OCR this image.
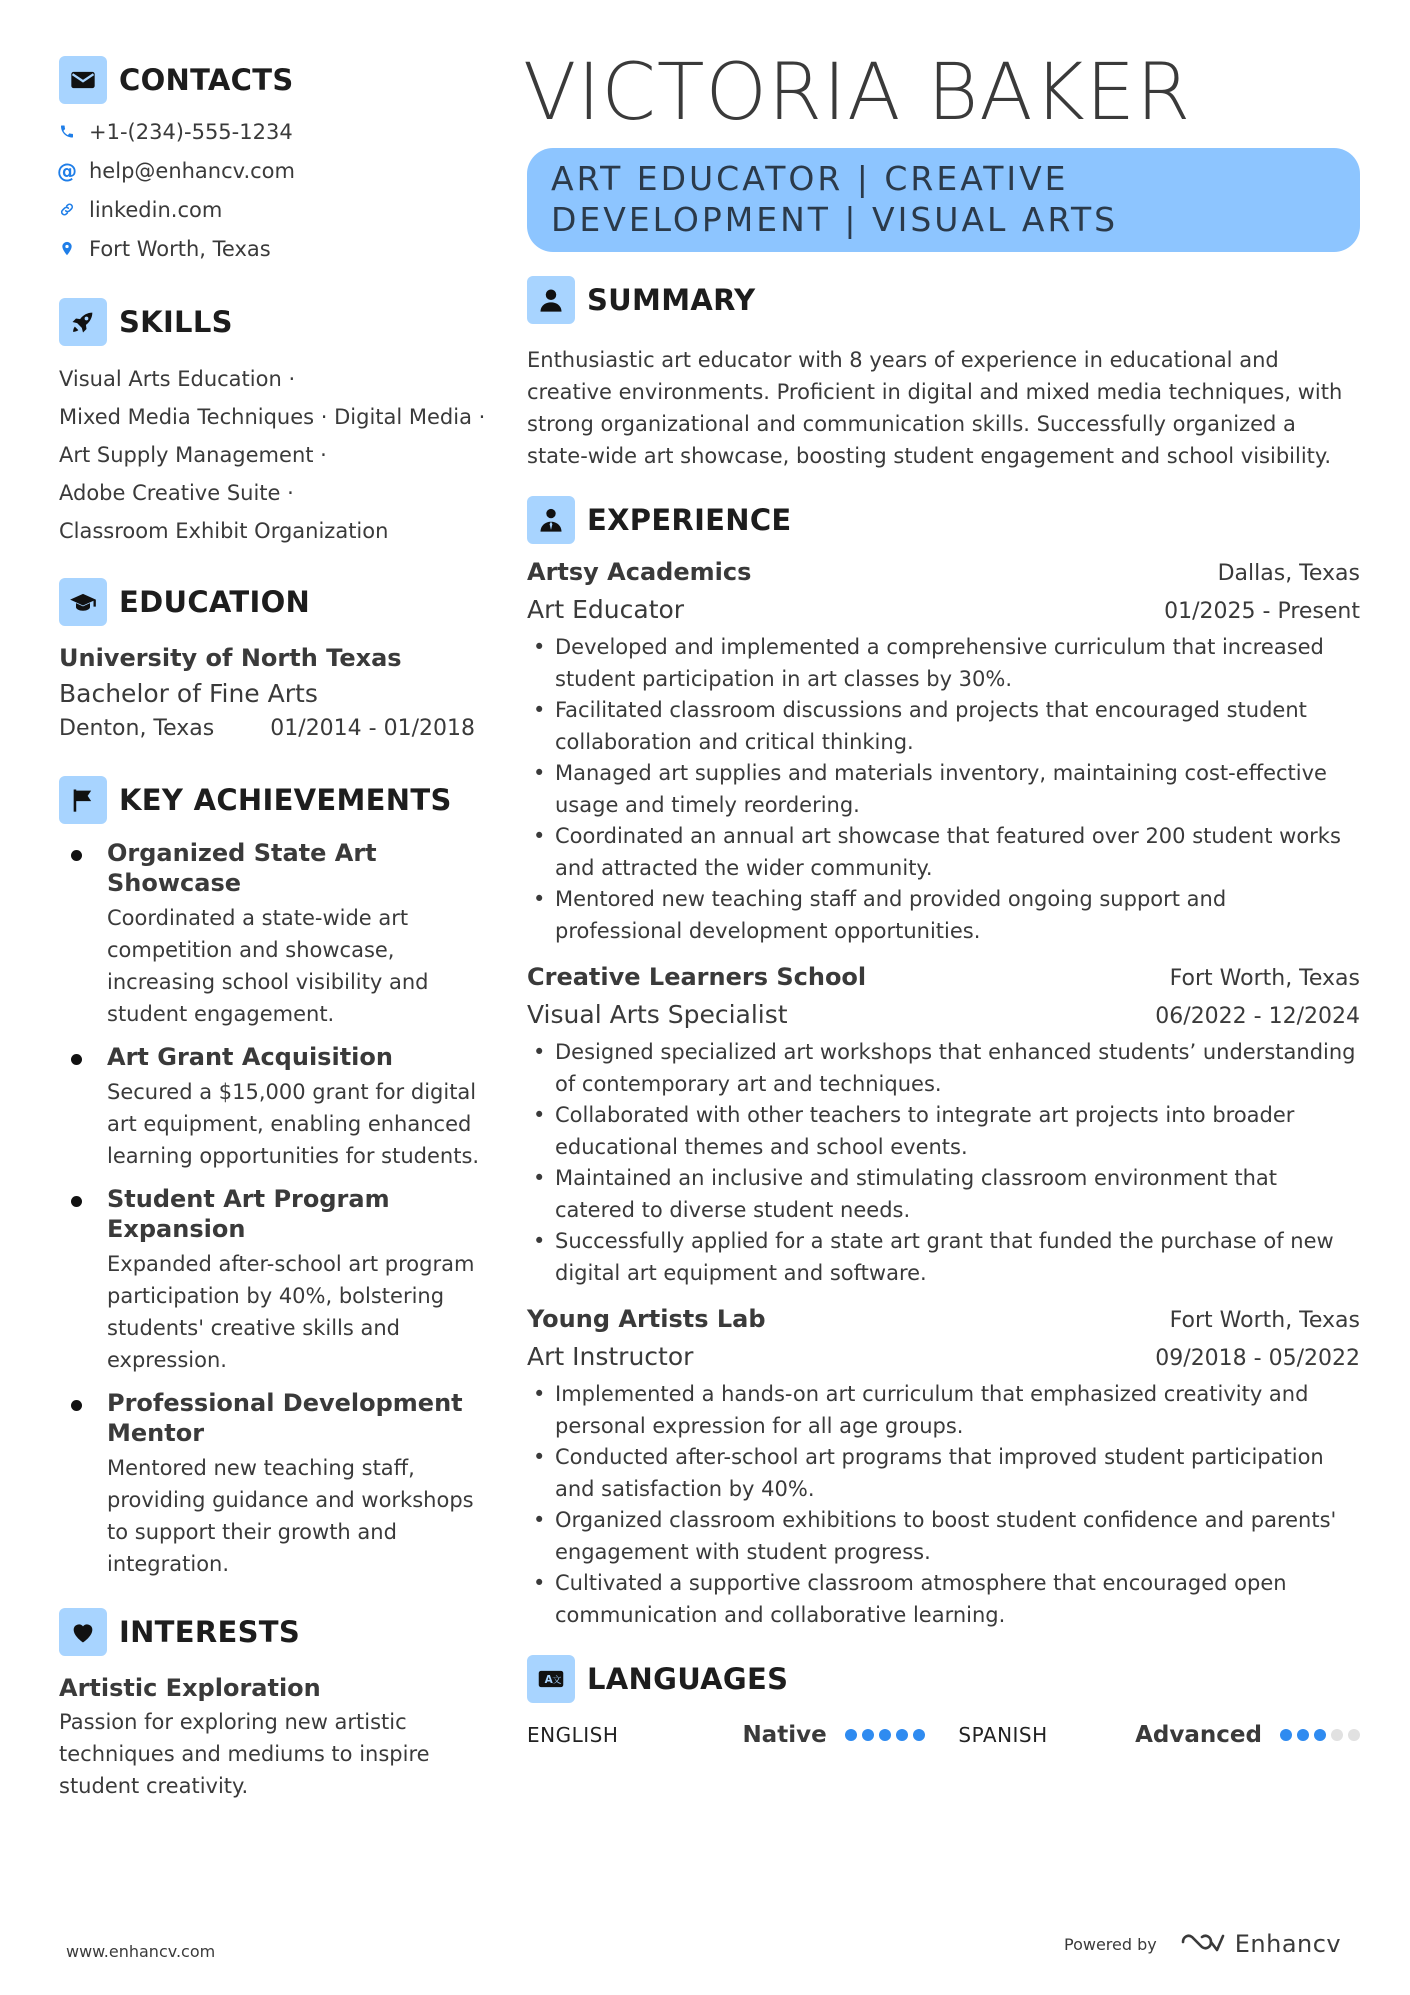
CONTACTS
+1-(234)-555-1234
@ help@enhancv.com
linkedin.com
Fort Worth, Texas
SKILLS
Visual Arts Education ·
Mixed Media Techniques · Digital Media ·
Art Supply Management ·
Adobe Creative Suite ·
Classroom Exhibit Organization
EDUCATION
University of North Texas
Bachelor of Fine Arts
Denton, Texas	01/2014 - 01/2018
KEY ACHIEVEMENTS
Organized State Art Showcase
Coordinated a state-wide art competition and showcase, increasing school visibility and student engagement.
Art Grant Acquisition
Secured a $15,000 grant for digital art equipment, enabling enhanced learning opportunities for students.
Student Art Program Expansion
Expanded after-school art program participation by 40%, bolstering students' creative skills and expression.
Professional Development Mentor
Mentored new teaching staff, providing guidance and workshops to support their growth and integration.
INTERESTS
Artistic Exploration
Passion for exploring new artistic techniques and mediums to inspire student creativity.
VICTORIA BAKER
ART EDUCATOR | CREATIVE
DEVELOPMENT | VISUAL ARTS
SUMMARY
Enthusiastic art educator with 8 years of experience in educational and creative environments. Proficient in digital and mixed media techniques, with strong organizational and communication skills. Successfully organized a state-wide art showcase, boosting student engagement and school visibility.
EXPERIENCE
Artsy Academics	Dallas, Texas
Art Educator	01/2025 - Present
• Developed and implemented a comprehensive curriculum that increased student participation in art classes by 30%.
• Facilitated classroom discussions and projects that encouraged student collaboration and critical thinking.
• Managed art supplies and materials inventory, maintaining cost-effective usage and timely reordering.
• Coordinated an annual art showcase that featured over 200 student works and attracted the wider community.
• Mentored new teaching staff and provided ongoing support and professional development opportunities.
Creative Learners School	Fort Worth, Texas
Visual Arts Specialist	06/2022 - 12/2024
• Designed specialized art workshops that enhanced students’ understanding of contemporary art and techniques.
• Collaborated with other teachers to integrate art projects into broader educational themes and school events.
• Maintained an inclusive and stimulating classroom environment that catered to diverse student needs.
• Successfully applied for a state art grant that funded the purchase of new digital art equipment and software.
Young Artists Lab	Fort Worth, Texas
Art Instructor	09/2018 - 05/2022
• Implemented a hands-on art curriculum that emphasized creativity and personal expression for all age groups.
• Conducted after-school art programs that improved student participation and satisfaction by 40%.
• Organized classroom exhibitions to boost student confidence and parents' engagement with student progress.
• Cultivated a supportive classroom atmosphere that encouraged open communication and collaborative learning.
A 文 LANGUAGES
ENGLISH	Native	SPANISH	Advanced
www.enhancv.com	Powered by	Enhancv
